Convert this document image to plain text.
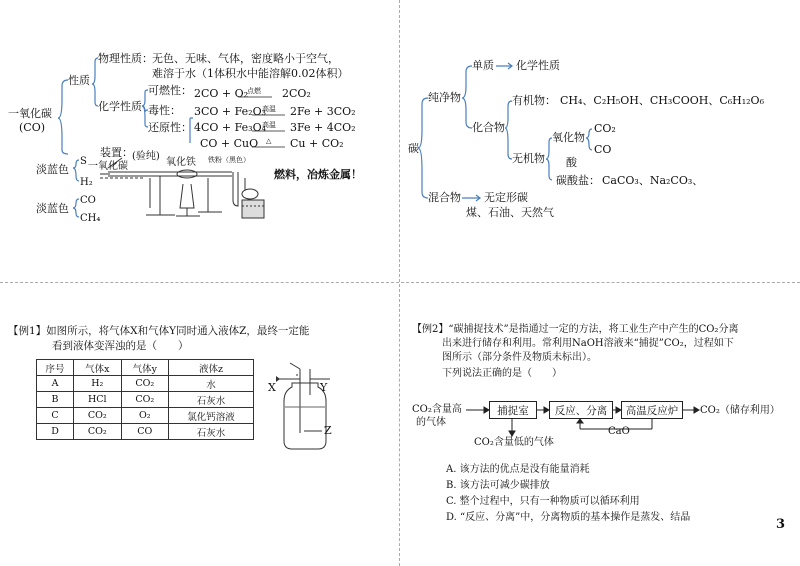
一氧化碳
(CO)
性质
物理性质： 无色、无味、气体，密度略小于空气，
难溶于水（1体积水中能溶解0.02体积）
化学性质
可燃性： 2CO + O₂
点燃 2CO₂
毒性： 3CO + Fe₂O₃
高温 2Fe + 3CO₂
还原性： 4CO + Fe₃O₄
高温 3Fe + 4CO₂
CO + CuO △ Cu + CO₂
装置： (验纯)
一氧化碳	氧化铁 铁粉（黑色）
燃料，冶炼金属！
淡蓝色
S
H₂
淡蓝色
CO
CH₄
碳
纯净物
单质 化学性质
化合物
有机物： CH₄、C₂H₅OH、CH₃COOH、C₆H₁₂O₆
无机物
氧化物
CO₂
CO
酸
碳酸盐： CaCO₃、Na₂CO₃、
混合物 无定形碳
煤、石油、天然气
【例1】如图所示，将气体X和气体Y同时通入液体Z，最终一定能
看到液体变浑浊的是（　　）
序号	气体x	气体y	液体z
A	H₂	CO₂	水
B	HCl	CO₂	石灰水
C	CO₂	O₂	氯化钙溶液
D	CO₂	CO	石灰水
X	Y
Z
【例2】“碳捕捉技术”是指通过一定的方法，将工业生产中产生的CO₂分离
出来进行储存和利用。常利用NaOH溶液来“捕捉”CO₂，过程如下
图所示（部分条件及物质未标出）。
下列说法正确的是（　　）
CO₂含量高
的气体
捕捉室	反应、分离	高温反应炉	CO₂（储存利用）
CaO
CO₂含量低的气体
A. 该方法的优点是没有能量消耗
B. 该方法可减少碳排放
C. 整个过程中，只有一种物质可以循环利用
D. “反应、分离”中，分离物质的基本操作是蒸发、结晶	3
